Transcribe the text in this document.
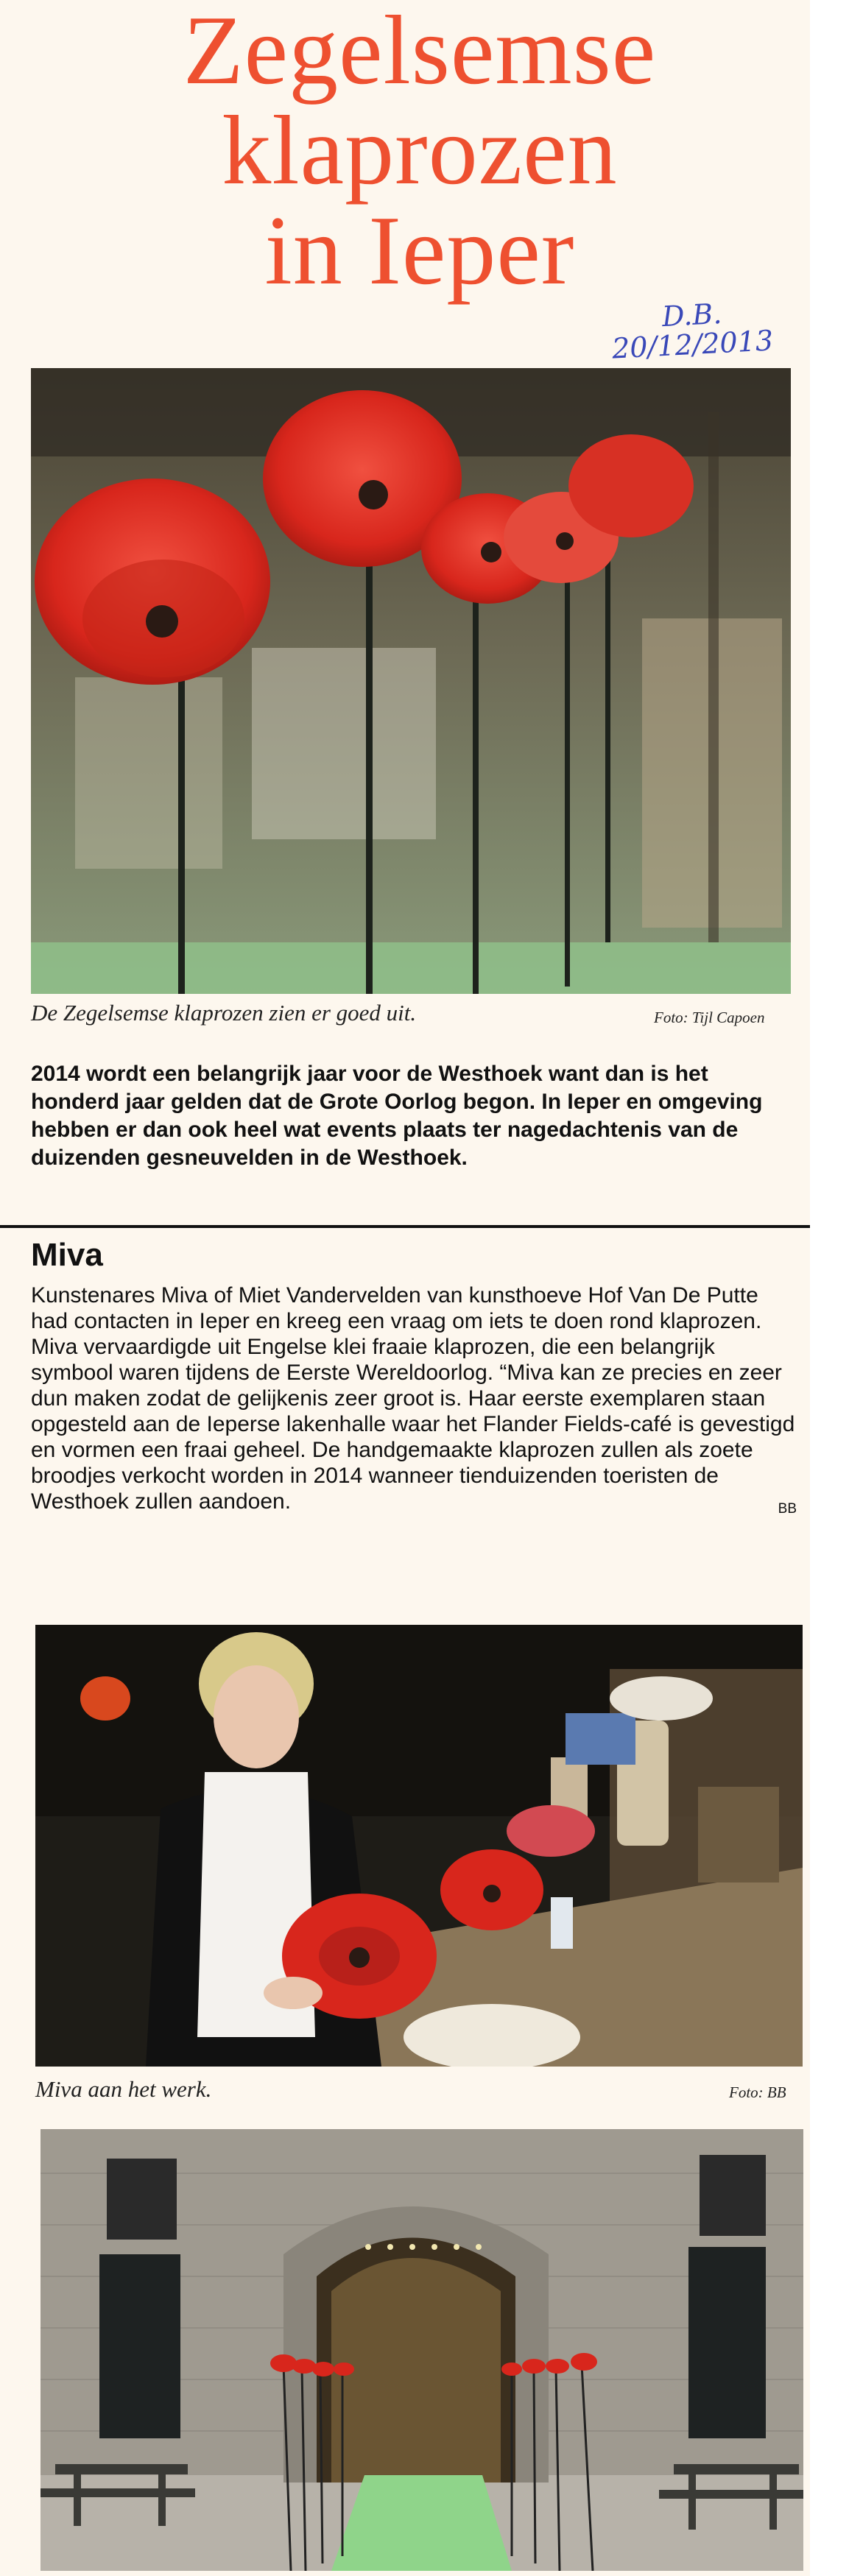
Zegelsemse
klaprozen
in Ieper
D.B.
20/12/2013
De Zegelsemse klaprozen zien er goed uit.	Foto: Tijl Capoen
2014 wordt een belangrijk jaar voor de Westhoek want dan is het honderd jaar gelden dat de Grote Oorlog begon. In Ieper en omgeving hebben er dan ook heel wat events plaats ter nagedachtenis van de duizenden gesneuvelden in de Westhoek.
Miva

Kunstenares Miva of Miet Vandervelden van kunsthoeve Hof Van De Putte had contacten in Ieper en kreeg een vraag om iets te doen rond klaprozen.

Miva vervaardigde uit Engelse klei fraaie klaprozen, die een belangrijk symbool waren tijdens de Eerste Wereldoorlog. “Miva kan ze precies en zeer dun maken zodat de gelijkenis zeer groot is. Haar eerste exemplaren staan opgesteld aan de Ieperse lakenhalle waar het Flander Fields-café is gevestigd en vormen een fraai geheel. De handgemaakte klaprozen zullen als zoete broodjes verkocht worden in 2014 wanneer tienduizenden toeristen de Westhoek zullen aandoen.	BB

Miva aan het werk.	Foto: BB
